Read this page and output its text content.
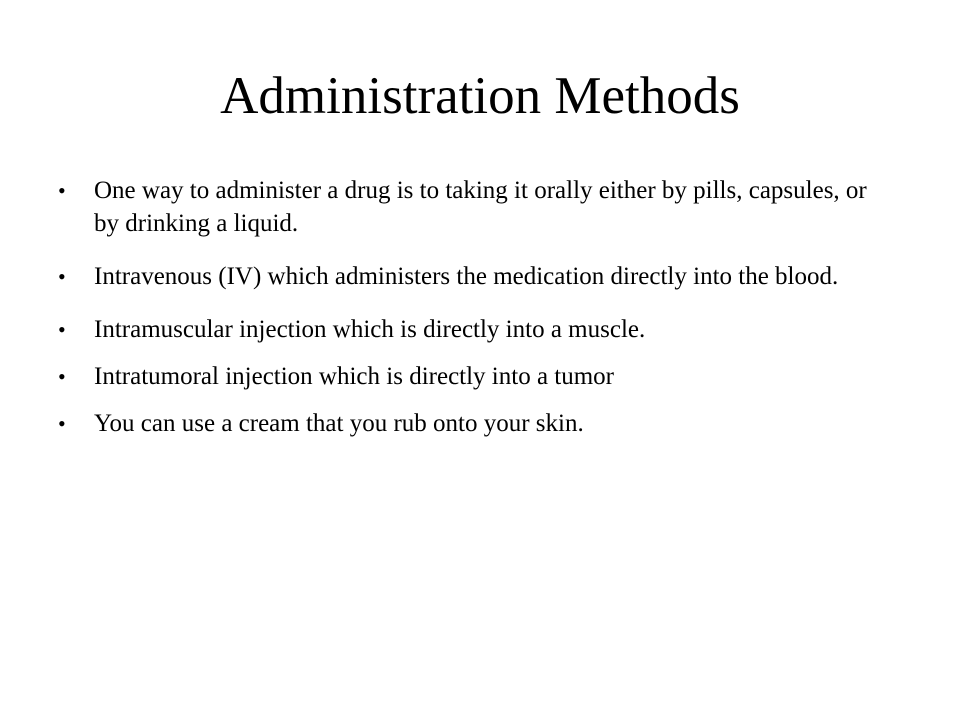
Administration Methods
• One way to administer a drug is to taking it orally either by pills, capsules, or by drinking a liquid.
• Intravenous (IV) which administers the medication directly into the blood.
• Intramuscular injection which is directly into a muscle.
• Intratumoral injection which is directly into a tumor
• You can use a cream that you rub onto your skin.
